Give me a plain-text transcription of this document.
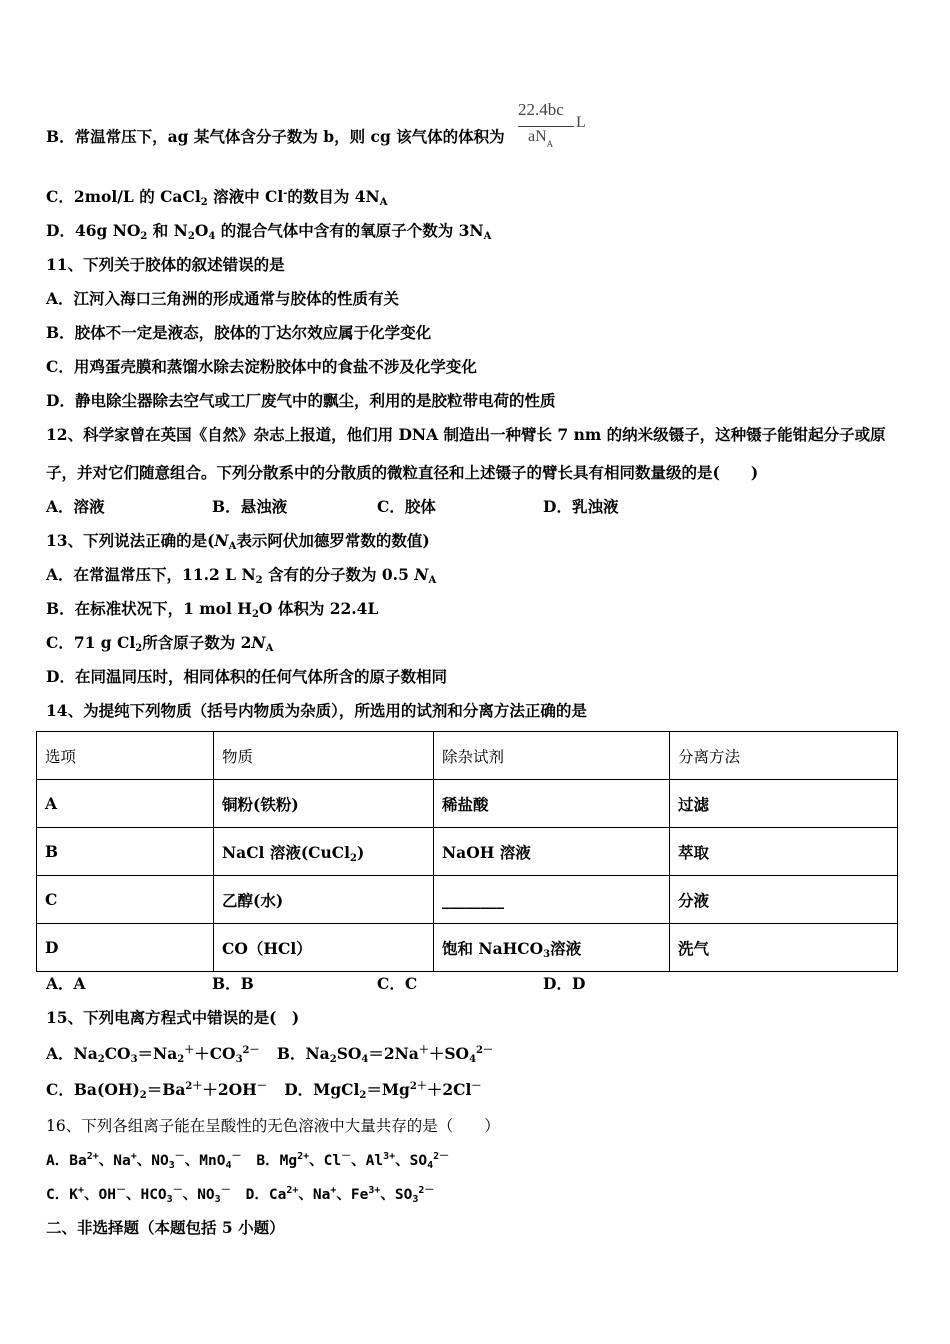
B．常温常压下，ag 某气体含分子数为 b，则 cg 该气体的体积为
22.4bc
$aN_A$
L
C．2mol/L 的 CaCl$_2$ 溶液中 Cl-的数目为 $4N_A$
D．46g $NO_2$ 和 $N_2O_4$ 的混合气体中含有的氧原子个数为 $3N_A$
11、下列关于胶体的叙述错误的是
A．江河入海口三角洲的形成通常与胶体的性质有关
B．胶体不一定是液态，胶体的丁达尔效应属于化学变化
C．用鸡蛋壳膜和蒸馏水除去淀粉胶体中的食盐不涉及化学变化
D．静电除尘器除去空气或工厂废气中的飘尘，利用的是胶粒带电荷的性质
12、科学家曾在英国《自然》杂志上报道，他们用 DNA 制造出一种臂长 7 nm 的纳米级镊子，这种镊子能钳起分子或原
子，并对它们随意组合。下列分散系中的分散质的微粒直径和上述镊子的臂长具有相同数量级的是(　　)
A．溶液	B．悬浊液	C．胶体	D．乳浊液
13、下列说法正确的是($N_A$表示阿伏加德罗常数的数值)
A．在常温常压下，11.2 L $N_2$ 含有的分子数为 0.5 $N_A$
B．在标准状况下，1 mol $H_2O$ 体积为 22.4L
C．71 g $Cl_2$所含原子数为 $2N_A$
D．在同温同压时，相同体积的任何气体所含的原子数相同
14、为提纯下列物质（括号内物质为杂质），所选用的试剂和分离方法正确的是
选项	物质	除杂试剂	分离方法
A	铜粉(铁粉)	稀盐酸	过滤
B	NaCl 溶液(CuCl$_2$)	NaOH 溶液	萃取
C	乙醇(水)	________	分液
D	CO（HCl）	饱和 NaHCO$_3$溶液	洗气
A．A	B．B	C．C	D．D
15、下列电离方程式中错误的是(　)
A．$Na_2CO_3=Na_2^++CO_3^{2-}$ B．$Na_2SO_4=2Na^++SO_4^{2-}$
C．$Ba(OH)_2=Ba^{2+}+2OH^-$ D．$MgCl_2=Mg^{2+}+2Cl^-$
16、下列各组离子能在呈酸性的无色溶液中大量共存的是（　　）
A．$Ba^{2+}$、Na+、$NO_3^-$、MnO$_4$－ B．$Mg^{2+}$、Cl－、$Al^{3+}$、$SO_4^{2-}$
C．K+、OH－、$HCO_3^-$、$NO_3^-$ D．$Ca^{2+}$、Na+、$Fe^{3+}$、$SO_3^{2-}$
二、非选择题（本题包括 5 小题）
